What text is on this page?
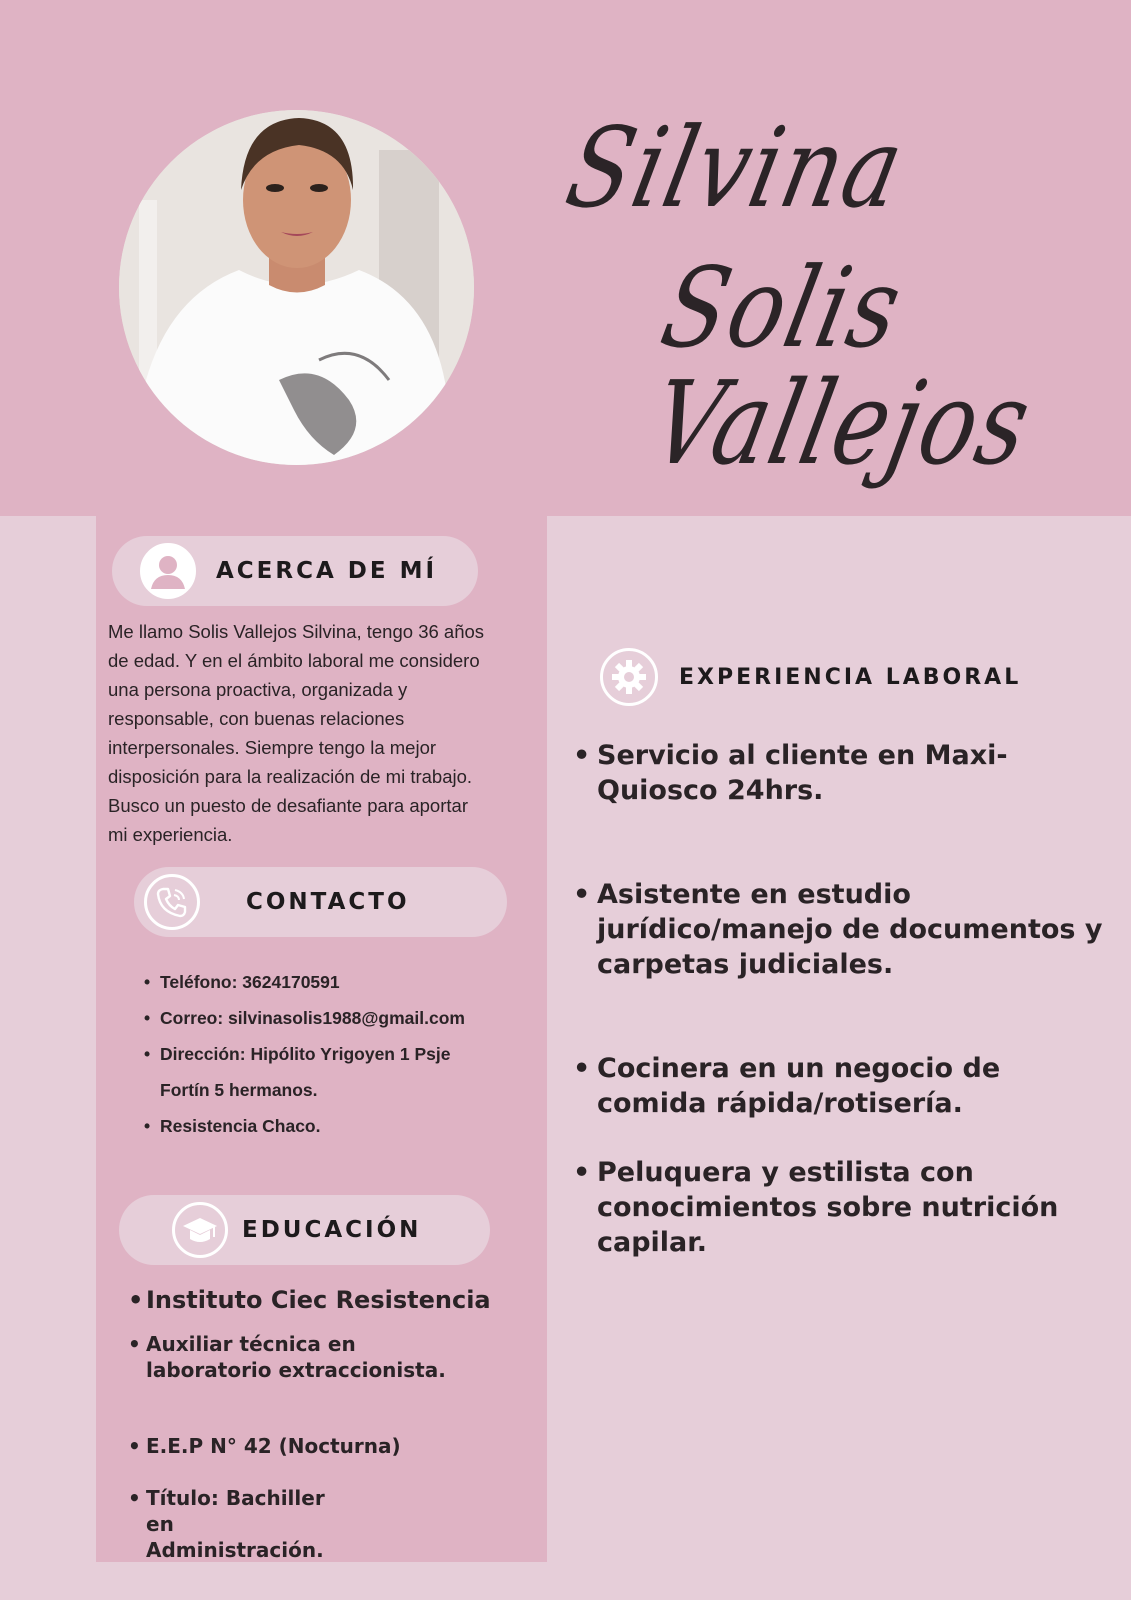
Silvina
Solis
Vallejos
ACERCA DE MÍ

Me llamo Solis Vallejos Silvina, tengo 36 años de edad. Y en el ámbito laboral me considero una persona proactiva, organizada y responsable, con buenas relaciones interpersonales. Siempre tengo la mejor disposición para la realización de mi trabajo. Busco un puesto de desafiante para aportar mi experiencia.

CONTACTO
• Teléfono: 3624170591
• Correo: silvinasolis1988@gmail.com
• Dirección: Hipólito Yrigoyen 1 Psje
Fortín 5 hermanos.
• Resistencia Chaco.
EDUCACIÓN
• Instituto Ciec Resistencia
• Auxiliar técnica en laboratorio extraccionista.
• E.E.P N° 42 (Nocturna)
• Título: Bachiller en Administración.
EXPERIENCIA LABORAL
• Servicio al cliente en Maxi-Quiosco 24hrs.
• Asistente en estudio jurídico/manejo de documentos y carpetas judiciales.
• Cocinera en un negocio de comida rápida/rotisería.
• Peluquera y estilista con conocimientos sobre nutrición capilar.
